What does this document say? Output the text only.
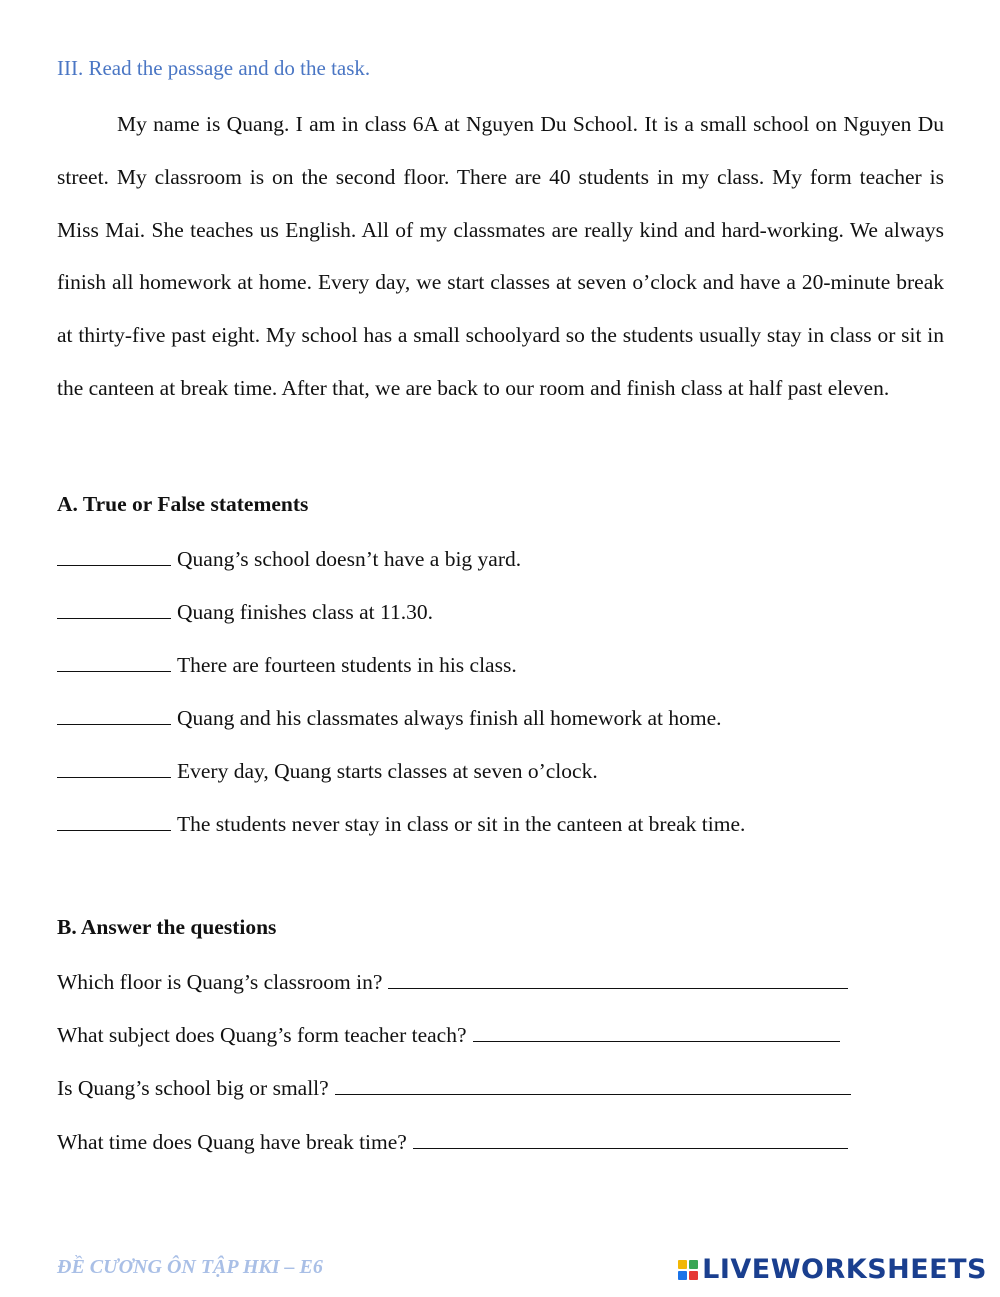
III. Read the passage and do the task.

My name is Quang. I am in class 6A at Nguyen Du School. It is a small school on Nguyen Du street. My classroom is on the second floor. There are 40 students in my class. My form teacher is Miss Mai. She teaches us English. All of my classmates are really kind and hard-working. We always finish all homework at home. Every day, we start classes at seven o’clock and have a 20-minute break at thirty-five past eight. My school has a small schoolyard so the students usually stay in class or sit in the canteen at break time. After that, we are back to our room and finish class at half past eleven.

A. True or False statements
Quang’s school doesn’t have a big yard.
Quang finishes class at 11.30.
There are fourteen students in his class.
Quang and his classmates always finish all homework at home.
Every day, Quang starts classes at seven o’clock.
The students never stay in class or sit in the canteen at break time.
B. Answer the questions
Which floor is Quang’s classroom in?
What subject does Quang’s form teacher teach?
Is Quang’s school big or small?
What time does Quang have break time?
ĐỀ CƯƠNG ÔN TẬP HKI – E6	LIVEWORKSHEETS
